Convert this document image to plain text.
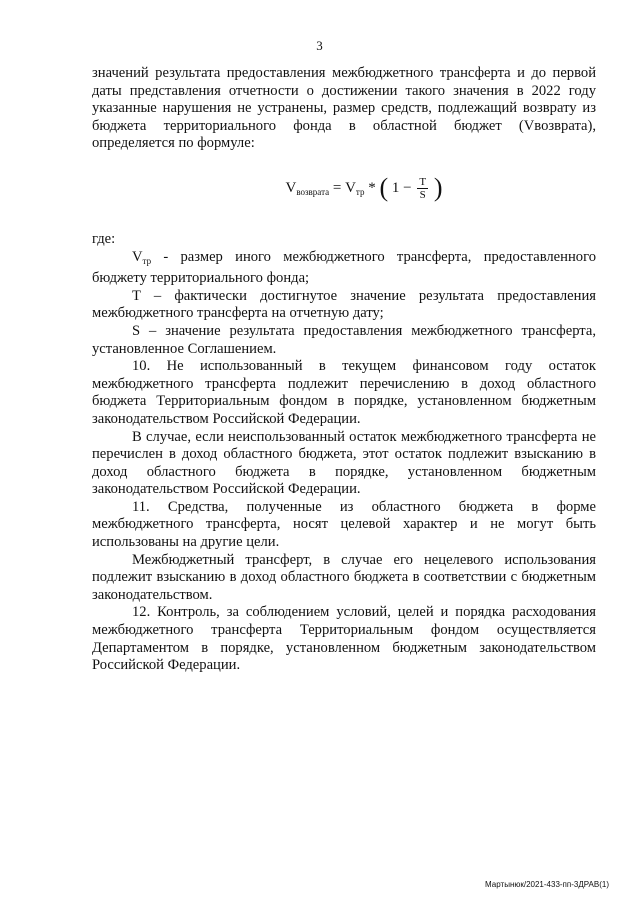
3

значений результата предоставления межбюджетного трансферта и до первой даты представления отчетности о достижении такого значения в 2022 году указанные нарушения не устранены, размер средств, подлежащий возврату из бюджета территориального фонда в областной бюджет (Vвозврата), определяется по формуле:

$V_{возврата} = V_{тр}$ * ( $1 - \frac{T}{S}$ )

где:

$V_{тр}$ - размер иного межбюджетного трансферта, предоставленного бюджету территориального фонда;

T – фактически достигнутое значение результата предоставления межбюджетного трансферта на отчетную дату;

S – значение результата предоставления межбюджетного трансферта, установленное Соглашением.

10. Не использованный в текущем финансовом году остаток межбюджетного трансферта подлежит перечислению в доход областного бюджета Территориальным фондом в порядке, установленном бюджетным законодательством Российской Федерации.

В случае, если неиспользованный остаток межбюджетного трансферта не перечислен в доход областного бюджета, этот остаток подлежит взысканию в доход областного бюджета в порядке, установленном бюджетным законодательством Российской Федерации.

11. Средства, полученные из областного бюджета в форме межбюджетного трансферта, носят целевой характер и не могут быть использованы на другие цели.

Межбюджетный трансферт, в случае его нецелевого использования подлежит взысканию в доход областного бюджета в соответствии с бюджетным законодательством.

12. Контроль, за соблюдением условий, целей и порядка расходования межбюджетного трансферта Территориальным фондом осуществляется Департаментом в порядке, установленном бюджетным законодательством Российской Федерации.

Мартынюк/2021-433-пп-3ДРАВ(1)
